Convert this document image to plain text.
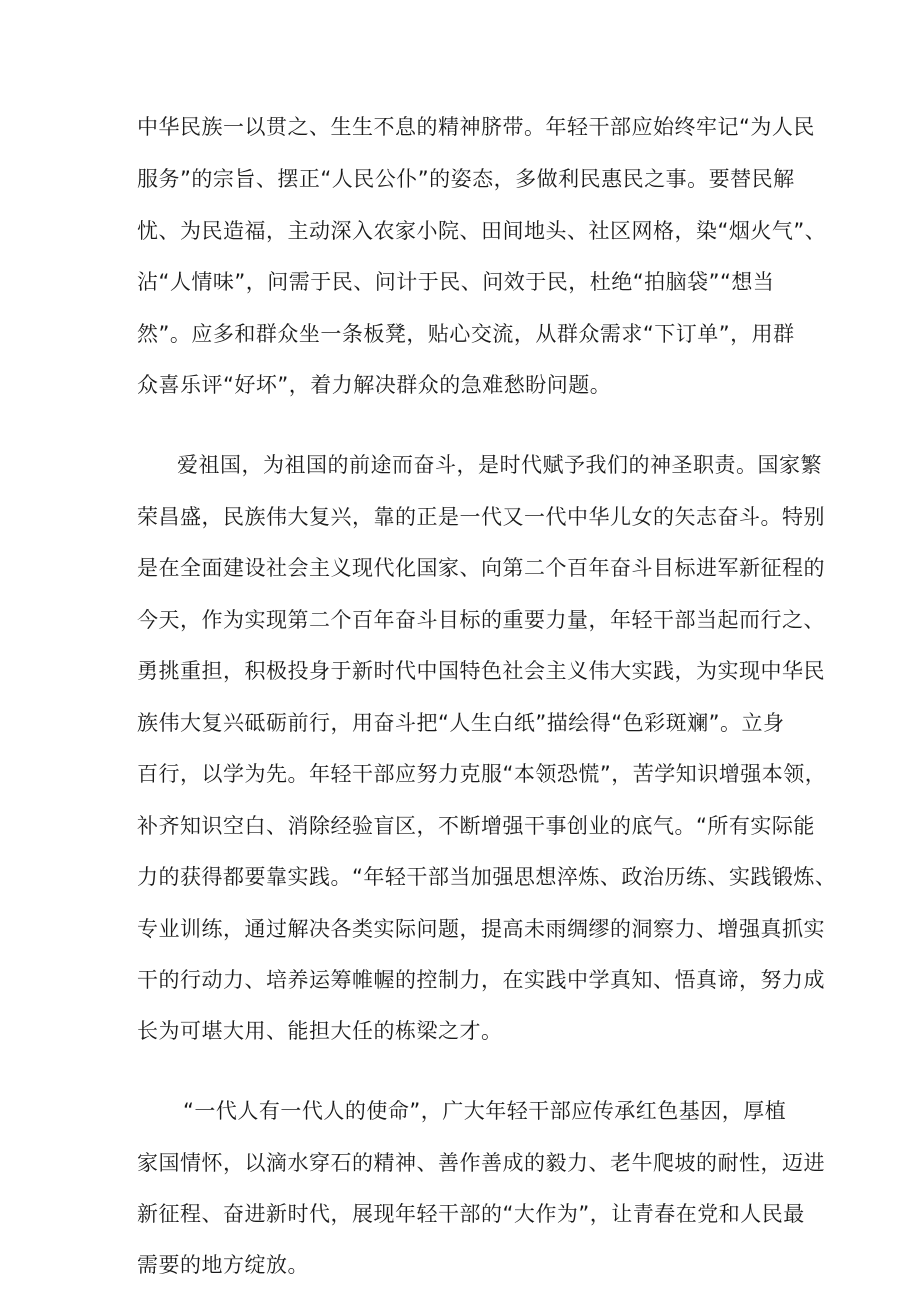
中华民族一以贯之、生生不息的精神脐带。年轻干部应始终牢记“为人民
服务”的宗旨、摆正“人民公仆”的姿态，多做利民惠民之事。要替民解
忧、为民造福，主动深入农家小院、田间地头、社区网格，染“烟火气”、
沾“人情味”，问需于民、问计于民、问效于民，杜绝“拍脑袋”“想当
然”。应多和群众坐一条板凳，贴心交流，从群众需求“下订单”，用群
众喜乐评“好坏”，着力解决群众的急难愁盼问题。
爱祖国，为祖国的前途而奋斗，是时代赋予我们的神圣职责。国家繁
荣昌盛，民族伟大复兴，靠的正是一代又一代中华儿女的矢志奋斗。特别
是在全面建设社会主义现代化国家、向第二个百年奋斗目标进军新征程的
今天，作为实现第二个百年奋斗目标的重要力量，年轻干部当起而行之、
勇挑重担，积极投身于新时代中国特色社会主义伟大实践，为实现中华民
族伟大复兴砥砺前行，用奋斗把“人生白纸”描绘得“色彩斑斓”。立身
百行，以学为先。年轻干部应努力克服“本领恐慌”，苦学知识增强本领，
补齐知识空白、消除经验盲区，不断增强干事创业的底气。“所有实际能
力的获得都要靠实践。“年轻干部当加强思想淬炼、政治历练、实践锻炼、
专业训练，通过解决各类实际问题，提高未雨绸缪的洞察力、增强真抓实
干的行动力、培养运筹帷幄的控制力，在实践中学真知、悟真谛，努力成
长为可堪大用、能担大任的栋梁之才。
“一代人有一代人的使命”，广大年轻干部应传承红色基因，厚植
家国情怀，以滴水穿石的精神、善作善成的毅力、老牛爬坡的耐性，迈进
新征程、奋进新时代，展现年轻干部的“大作为”，让青春在党和人民最
需要的地方绽放。
